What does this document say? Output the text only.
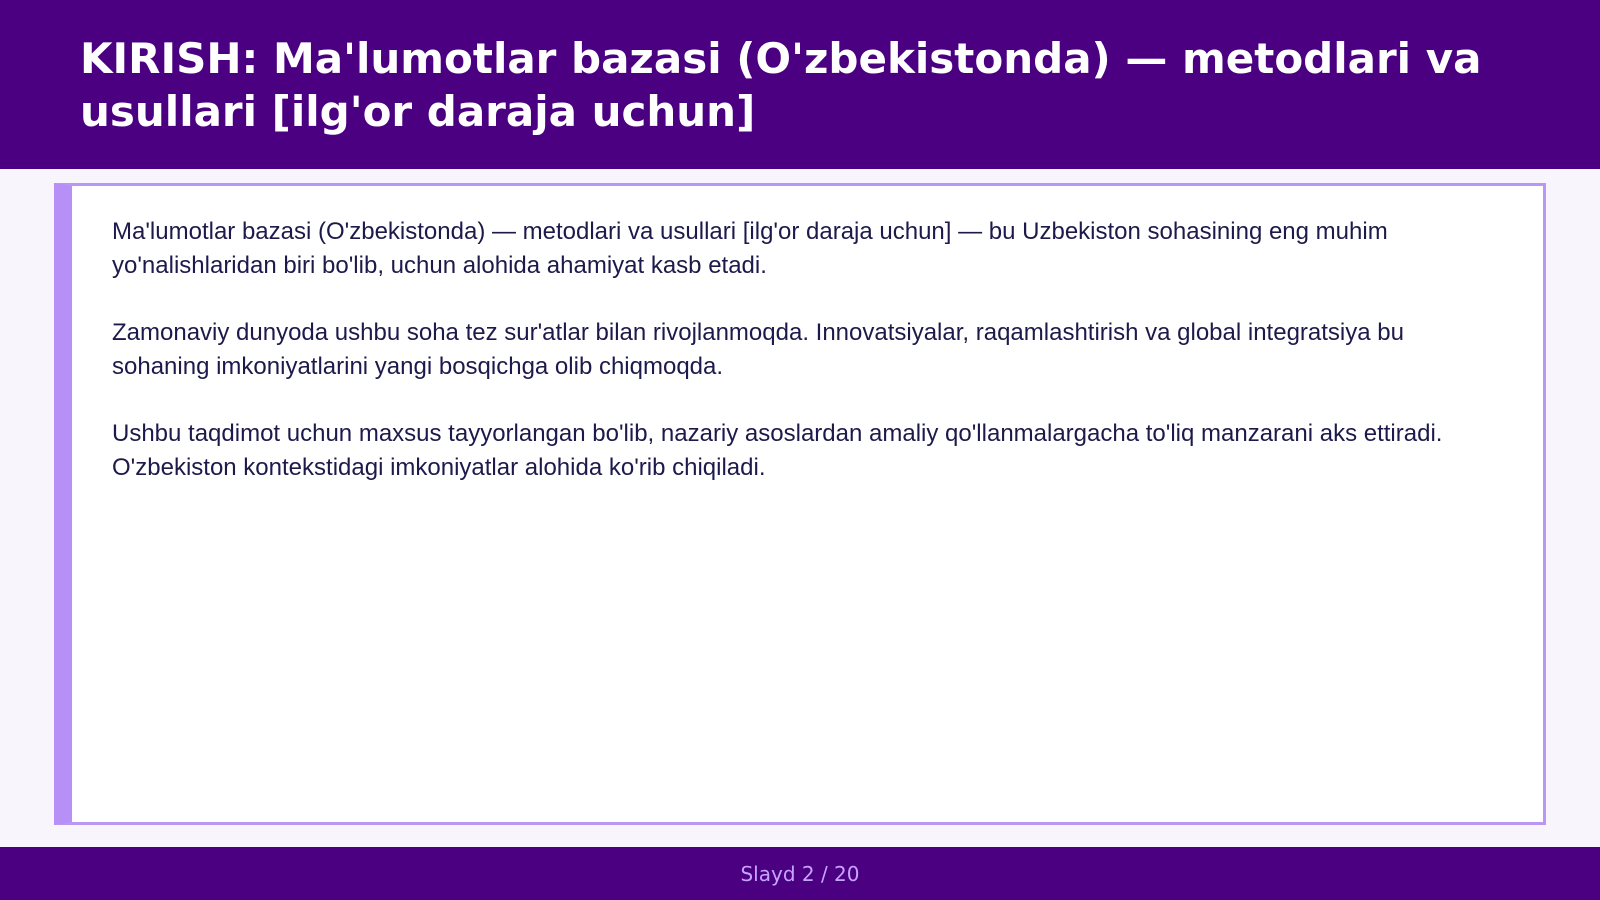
KIRISH: Ma'lumotlar bazasi (O'zbekistonda) — metodlari va usullari [ilg'or daraja uchun]

Ma'lumotlar bazasi (O'zbekistonda) — metodlari va usullari [ilg'or daraja uchun] — bu Uzbekiston sohasining eng muhim yo'nalishlaridan biri bo'lib, uchun alohida ahamiyat kasb etadi.

Zamonaviy dunyoda ushbu soha tez sur'atlar bilan rivojlanmoqda. Innovatsiyalar, raqamlashtirish va global integratsiya bu sohaning imkoniyatlarini yangi bosqichga olib chiqmoqda.

Ushbu taqdimot uchun maxsus tayyorlangan bo'lib, nazariy asoslardan amaliy qo'llanmalargacha to'liq manzarani aks ettiradi. O'zbekiston kontekstidagi imkoniyatlar alohida ko'rib chiqiladi.

Slayd 2 / 20
